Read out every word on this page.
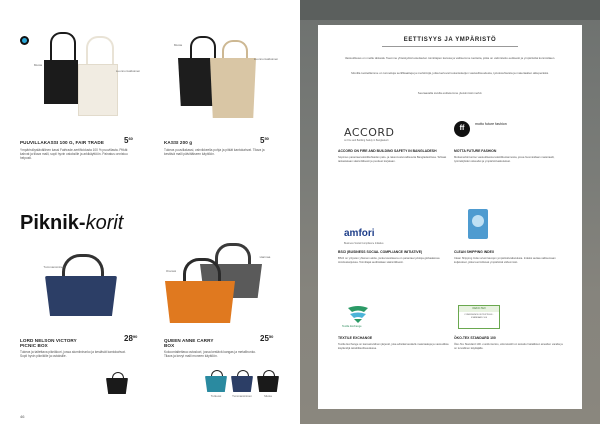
Musta
Luonnonvalkoinen
PUUVILLAKASSI 100 G, FAIR TRADE $5^{60}$
Ympäristöystävällinen kassi Fairtrade-sertifioidusta 100 % puuvillasta. Pitkät kahvat ja tilava malli, sopii hyvin ostoksille ja arkikäyttöön. Painatus onnistuu helposti.
Musta
Luonnonvalkoinen
KASSI 200 g	$5^{50}$
Tukeva puuvillakassi, vahvikkeella pohja ja pitkät kantokahvat. Tilava ja kestävä malli päivittäiseen käyttöön.
Piknik-korit
Tummansininen
LORD NELSON VICTORY PICNIC BOX
$28^{90}$
Tukeva ja taitettava piknikkori, jossa alumiinirunko ja kestävät kantokahvat. Sopii hyvin piknikille ja ostoksille.
Oranssi
Harmaa
QUEEN ANNE CARRY BOX
$25^{50}$
Kokoontaitettava ostoskori, jossa kestävä kangas ja metallirunko. Tilava ja kevyt malli moneen käyttöön.
Turkoosi	Tummansininen	Musta
46
EETTISYYS JA YMPÄRISTÖ
Vastuullisuus on meille tärkeää. Teemme yhteistyötä luotettavien toimittajien kanssa ja valitsemme tuotteita, jotka on valmistettu eettisesti ja ympäristöä kunnioittaen.
Monilla tuotteillamme on tunnettuja sertifikaatteja ja merkintöjä, jotka kertovat tuotantoketjun vastuullisuudesta, työolosuhteista ja materiaalien alkuperästä.
Seuraavalla sivulla esittelemme yleisimmät merkit.
ACCORD
on Fire and Building Safety in Bangladesh
ACCORD ON FIRE AND BUILDING SAFETY IN BANGLADESH
Sopimus parantaa tekstiilitehtaiden palo- ja rakennusturvallisuutta Bangladeshissa. Tehtaat tarkastetaan säännöllisesti ja puutteet korjataan.
ff
motto future fashion
MOTTA FUTURE FASHION
Mottamerkki kertoo vastuullisesta tekstiilituotannosta, jossa huomioidaan materiaalit, työntekijöiden oikeudet ja ympäristövaikutukset.
amfori
Business Social Compliance Initiative
BSCI (BUSINESS SOCIAL COMPLIANCE INITIATIVE)
BSCI on yritysten yhteinen aloite, jonka tavoitteena on parantaa työoloja globaaleissa toimitusketjuissa. Toimittajat auditoidaan säännöllisesti.
CLEAN SHIPPING INDEX
Clean Shipping Index arvioi laivojen ympäristövaikutuksia. Indeksi auttaa valitsemaan kuljetukset, jotka kuormittavat ympäristöä vähemmän.
Textile Exchange
TEXTILE EXCHANGE
Textile Exchange on kansainvälinen järjestö, joka edistää kestäviä materiaaleja ja vastuullisia käytäntöjä tekstiiliteollisuudessa.
OEKO-TEX
CONFIDENCE IN TEXTILES · STANDARD 100
ÖKO-TEX STANDARD 100
Öko-Tex Standard 100 -merkki kertoo, että tekstiili on testattu haitallisten aineiden varalta ja on turvallinen käyttäjälle.
